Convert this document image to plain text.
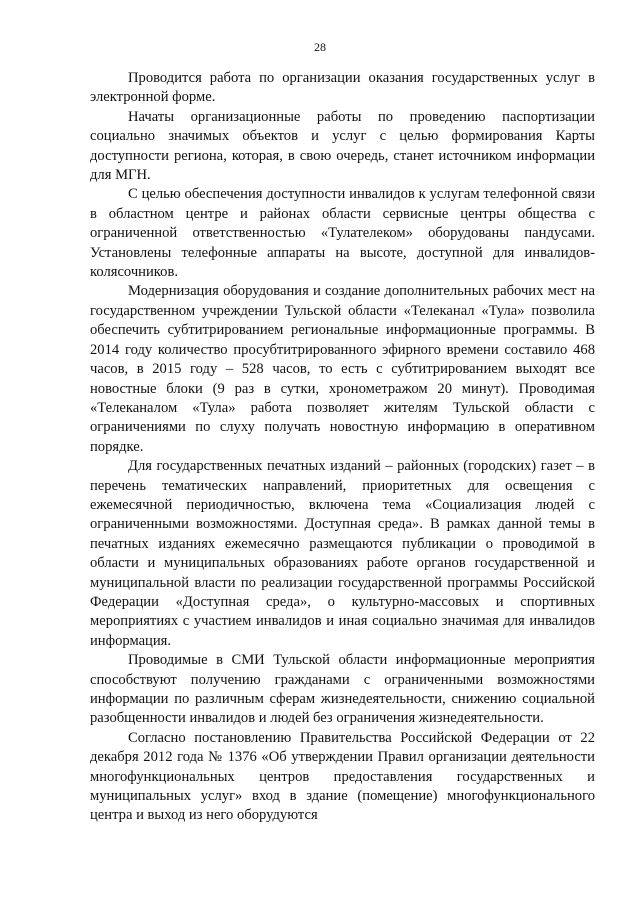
28

Проводится работа по организации оказания государственных услуг в электронной форме.

Начаты организационные работы по проведению паспортизации социально значимых объектов и услуг с целью формирования Карты доступности региона, которая, в свою очередь, станет источником информации для МГН.

С целью обеспечения доступности инвалидов к услугам телефонной связи в областном центре и районах области сервисные центры общества с ограниченной ответственностью «Тулателеком» оборудованы пандусами. Установлены телефонные аппараты на высоте, доступной для инвалидов-колясочников.

Модернизация оборудования и создание дополнительных рабочих мест на государственном учреждении Тульской области «Телеканал «Тула» позволила обеспечить субтитрированием региональные информационные программы. В 2014 году количество просубтитрированного эфирного времени составило 468 часов, в 2015 году – 528 часов, то есть с субтитрированием выходят все новостные блоки (9 раз в сутки, хронометражом 20 минут). Проводимая «Телеканалом «Тула» работа позволяет жителям Тульской области с ограничениями по слуху получать новостную информацию в оперативном порядке.

Для государственных печатных изданий – районных (городских) газет – в перечень тематических направлений, приоритетных для освещения с ежемесячной периодичностью, включена тема «Социализация людей с ограниченными возможностями. Доступная среда». В рамках данной темы в печатных изданиях ежемесячно размещаются публикации о проводимой в области и муниципальных образованиях работе органов государственной и муниципальной власти по реализации государственной программы Российской Федерации «Доступная среда», о культурно-массовых и спортивных мероприятиях с участием инвалидов и иная социально значимая для инвалидов информация.

Проводимые в СМИ Тульской области информационные мероприятия способствуют получению гражданами с ограниченными возможностями информации по различным сферам жизнедеятельности, снижению социальной разобщенности инвалидов и людей без ограничения жизнедеятельности.

Согласно постановлению Правительства Российской Федерации от 22 декабря 2012 года № 1376 «Об утверждении Правил организации деятельности многофункциональных центров предоставления государственных и муниципальных услуг» вход в здание (помещение) многофункционального центра и выход из него оборудуются
